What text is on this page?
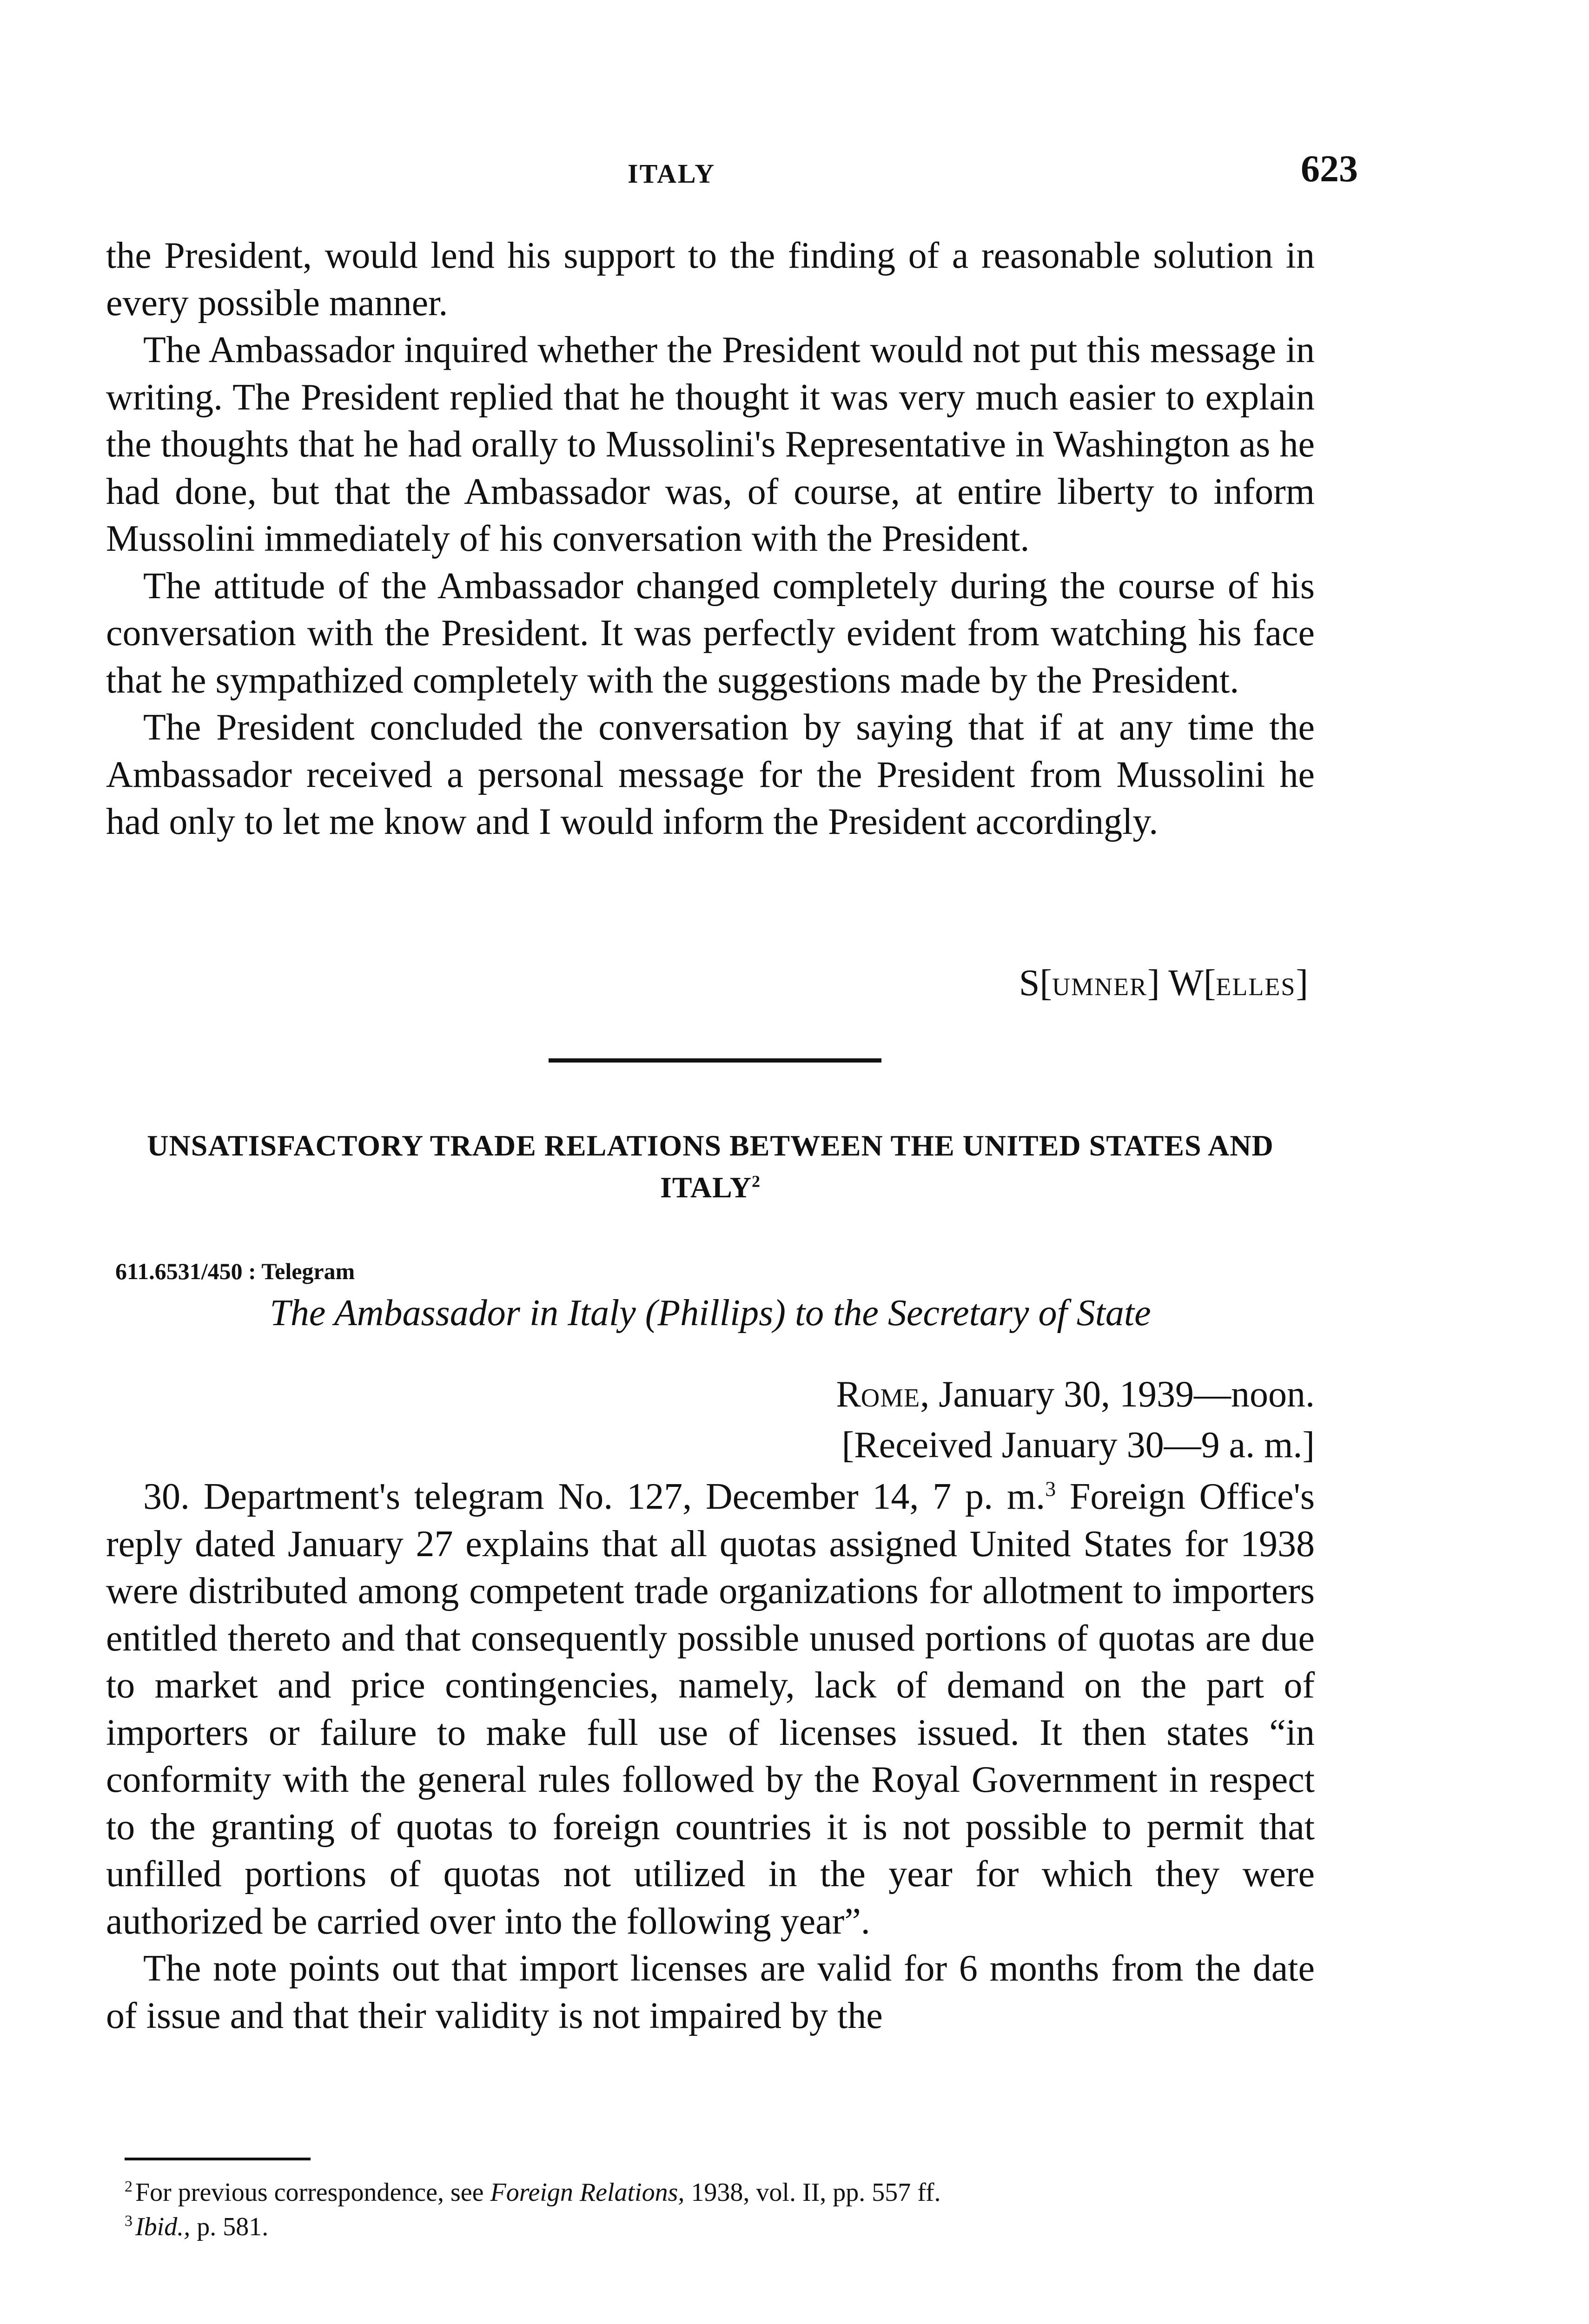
ITALY	623

the President, would lend his support to the finding of a reasonable solution in every possible manner.

The Ambassador inquired whether the President would not put this message in writing. The President replied that he thought it was very much easier to explain the thoughts that he had orally to Mussolini's Representative in Washington as he had done, but that the Ambassador was, of course, at entire liberty to inform Mussolini immediately of his conversation with the President.

The attitude of the Ambassador changed completely during the course of his conversation with the President. It was perfectly evident from watching his face that he sympathized completely with the suggestions made by the President.

The President concluded the conversation by saying that if at any time the Ambassador received a personal message for the President from Mussolini he had only to let me know and I would inform the President accordingly.

S[UMNER] W[ELLES]
UNSATISFACTORY TRADE RELATIONS BETWEEN THE UNITED STATES AND ITALY$^2$
611.6531/450 : Telegram
The Ambassador in Italy (Phillips) to the Secretary of State
ROME, January 30, 1939—noon.
[Received January 30—9 a. m.]

30. Department's telegram No. 127, December 14, 7 p. m.$^3$ Foreign Office's reply dated January 27 explains that all quotas assigned United States for 1938 were distributed among competent trade organizations for allotment to importers entitled thereto and that consequently possible unused portions of quotas are due to market and price contingencies, namely, lack of demand on the part of importers or failure to make full use of licenses issued. It then states “in conformity with the general rules followed by the Royal Government in respect to the granting of quotas to foreign countries it is not possible to permit that unfilled portions of quotas not utilized in the year for which they were authorized be carried over into the following year”.

The note points out that import licenses are valid for 6 months from the date of issue and that their validity is not impaired by the

$^2$ For previous correspondence, see Foreign Relations, 1938, vol. II, pp. 557 ff.
$^3$ Ibid., p. 581.
